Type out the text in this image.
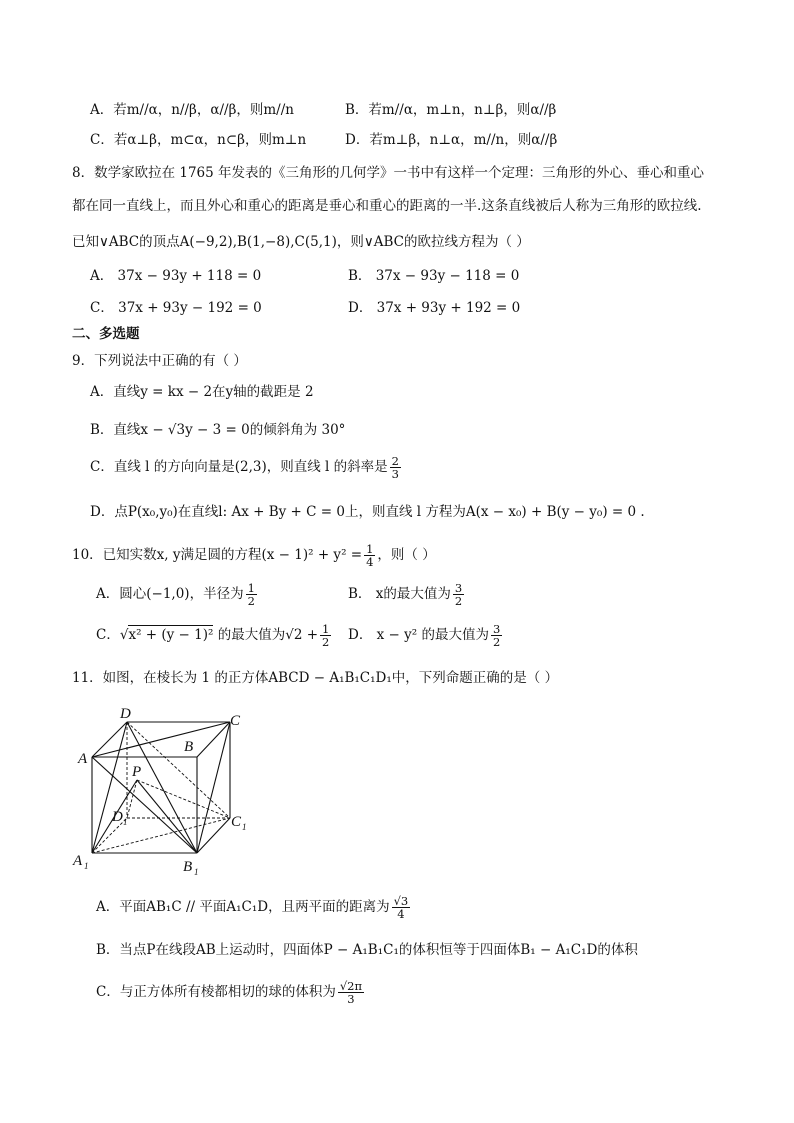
A．若m//α，n//β，α//β，则m//n	B．若m//α，m⊥n，n⊥β，则α//β
C．若α⊥β，m⊂α，n⊂β，则m⊥n	D．若m⊥β，n⊥α，m//n，则α//β
8．数学家欧拉在 1765 年发表的《三角形的几何学》一书中有这样一个定理：三角形的外心、垂心和重心
都在同一直线上，而且外心和重心的距离是垂心和重心的距离的一半.这条直线被后人称为三角形的欧拉线.
已知∨ABC的顶点A(−9,2),B(1,−8),C(5,1)，则∨ABC的欧拉线方程为（ ）
A． 37x − 93y + 118 = 0	B． 37x − 93y − 118 = 0
C． 37x + 93y − 192 = 0	D． 37x + 93y + 192 = 0
二、多选题
9．下列说法中正确的有（ ）
A．直线y = kx − 2在y轴的截距是 2
B．直线x − √3y − 3 = 0的倾斜角为 30°
C．直线 l 的方向向量是(2,3)，则直线 l 的斜率是 $\frac{2}{3}$
D．点P(x₀,y₀)在直线l: Ax + By + C = 0上，则直线 l 方程为A(x − x₀) + B(y − y₀) = 0 .
10．已知实数x, y满足圆的方程$(x - 1)^2 + y^2 = \frac{1}{4}$ ，则（ ）
A．圆心(−1,0)，半径为 $\frac{1}{2}$	B． x的最大值为 $\frac{3}{2}$
C．√x² + (y − 1)² 的最大值为$√2 + \frac{1}{2}$ D． x − y² 的最大值为 $\frac{3}{2}$
11．如图，在棱长为 1 的正方体ABCD − A₁B₁C₁D₁中，下列命题正确的是（ ）
D	C
A
B
P
D 1	C 1
A 1	B 1
A．平面AB₁C // 平面A₁C₁D，且两平面的距离为 $\frac{√3}{4}$
B．当点P在线段AB上运动时，四面体P − A₁B₁C₁的体积恒等于四面体B₁ − A₁C₁D的体积
C．与正方体所有棱都相切的球的体积为 $\frac{√2\pi}{3}$
